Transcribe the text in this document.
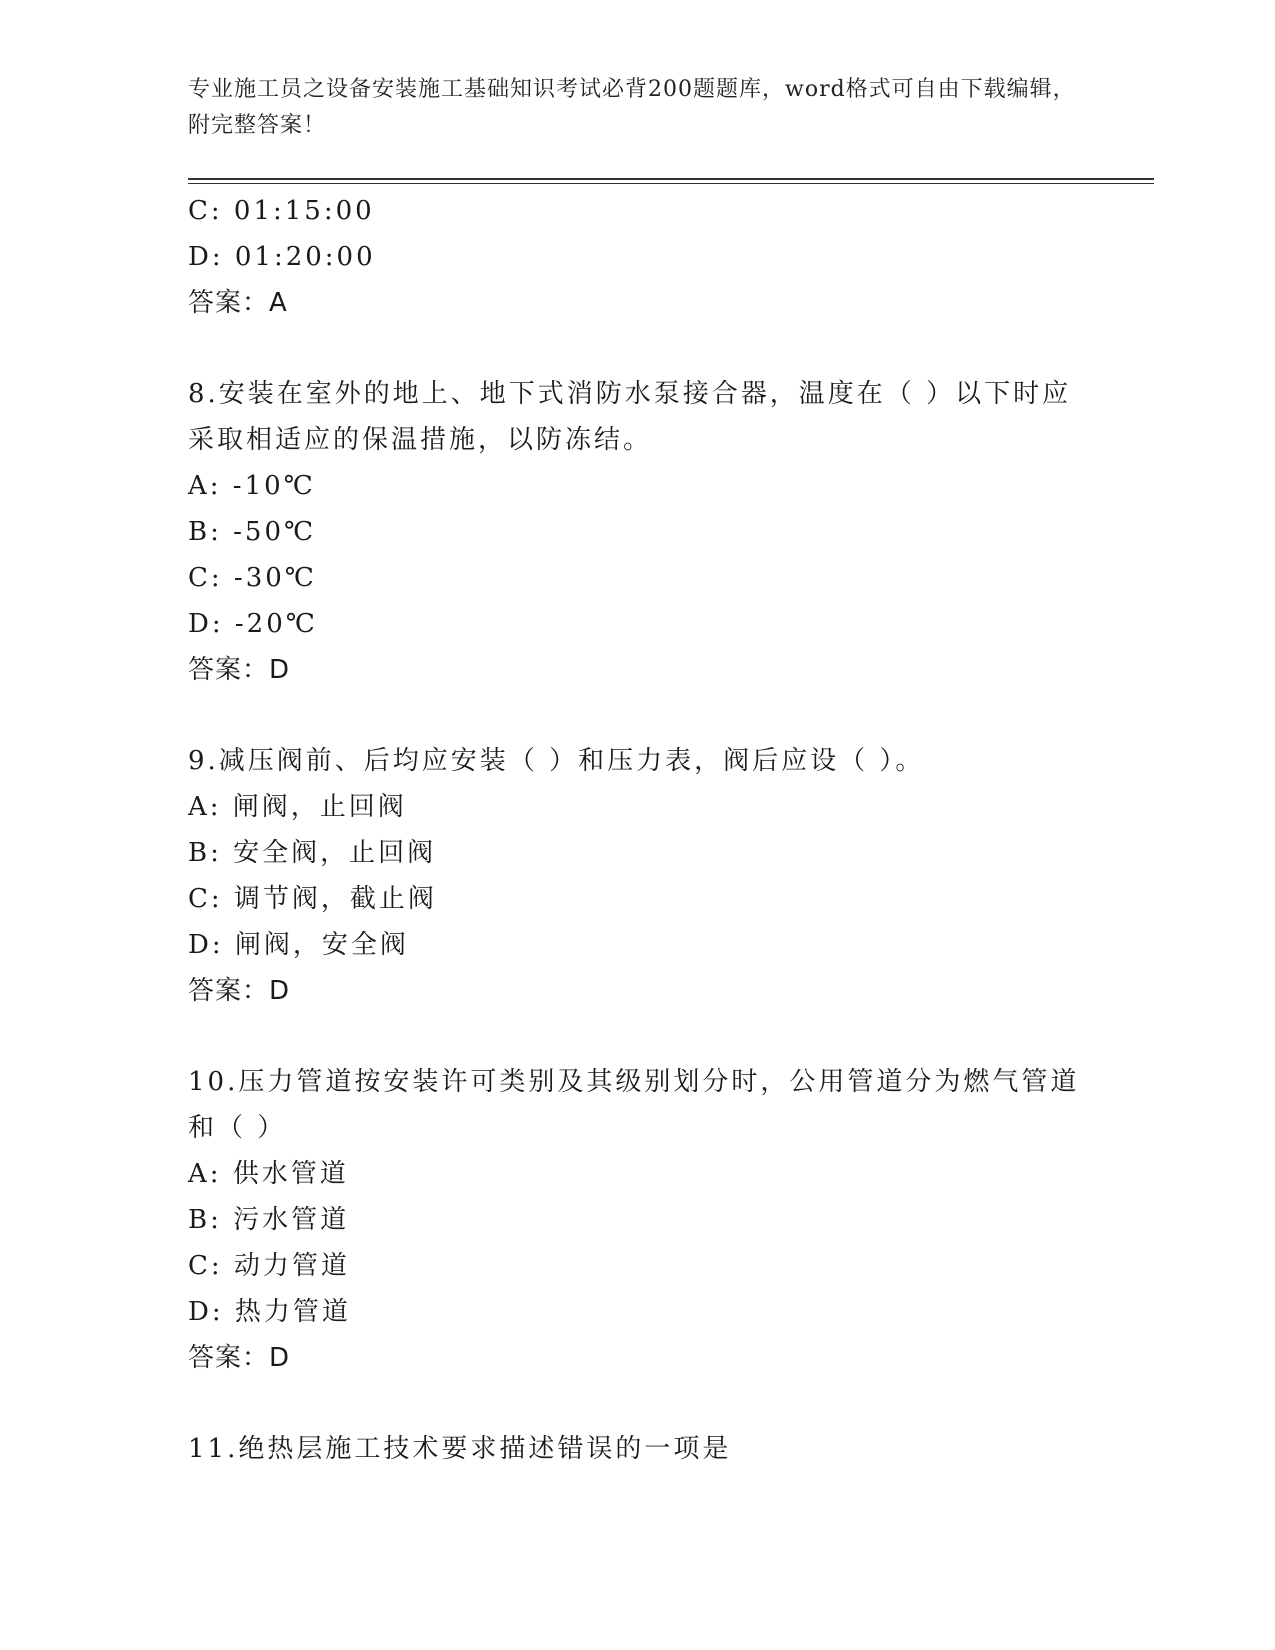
专业施工员之设备安装施工基础知识考试必背200题题库，word格式可自由下载编辑，附完整答案！
C: 01:15:00
D: 01:20:00
答案：A
8.安装在室外的地上、地下式消防水泵接合器，温度在（ ）以下时应
采取相适应的保温措施，以防冻结。
A: -10℃
B: -50℃
C: -30℃
D: -20℃
答案：D
9.减压阀前、后均应安装（ ）和压力表，阀后应设（ ）。
A: 闸阀，止回阀
B: 安全阀，止回阀
C: 调节阀，截止阀
D: 闸阀，安全阀
答案：D
10.压力管道按安装许可类别及其级别划分时，公用管道分为燃气管道
和（ ）
A: 供水管道
B: 污水管道
C: 动力管道
D: 热力管道
答案：D
11.绝热层施工技术要求描述错误的一项是
